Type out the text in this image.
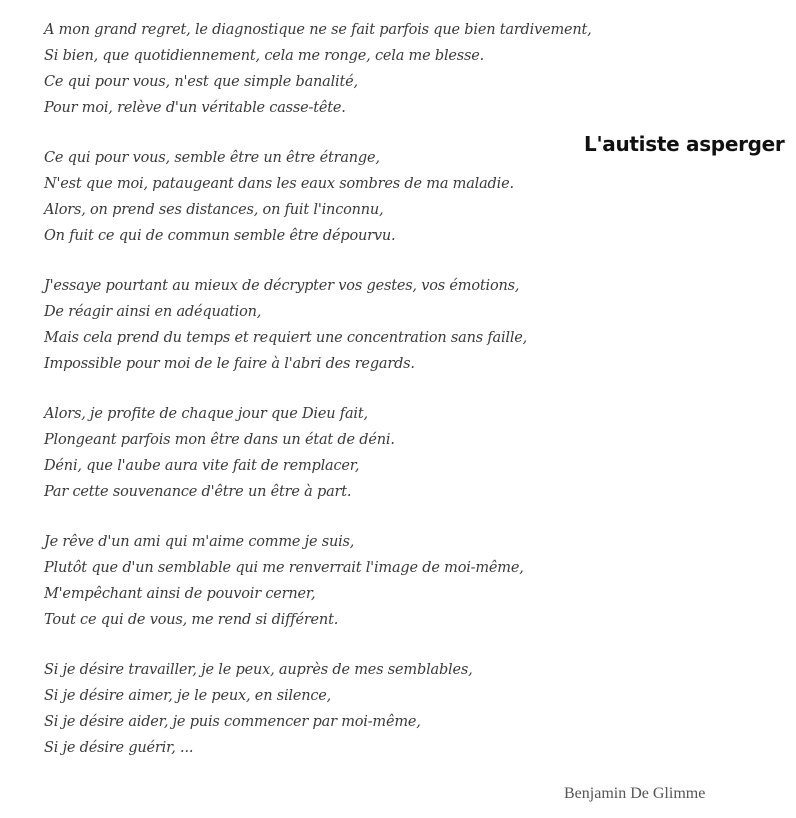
A mon grand regret, le diagnostique ne se fait parfois que bien tardivement,
Si bien, que quotidiennement, cela me ronge, cela me blesse.
Ce qui pour vous, n'est que simple banalité,
Pour moi, relève d'un véritable casse-tête.
Ce qui pour vous, semble être un être étrange,
N'est que moi, pataugeant dans les eaux sombres de ma maladie.
Alors, on prend ses distances, on fuit l'inconnu,
On fuit ce qui de commun semble être dépourvu.
J'essaye pourtant au mieux de décrypter vos gestes, vos émotions,
De réagir ainsi en adéquation,
Mais cela prend du temps et requiert une concentration sans faille,
Impossible pour moi de le faire à l'abri des regards.
Alors, je profite de chaque jour que Dieu fait,
Plongeant parfois mon être dans un état de déni.
Déni, que l'aube aura vite fait de remplacer,
Par cette souvenance d'être un être à part.
Je rêve d'un ami qui m'aime comme je suis,
Plutôt que d'un semblable qui me renverrait l'image de moi-même,
M'empêchant ainsi de pouvoir cerner,
Tout ce qui de vous, me rend si différent.
Si je désire travailler, je le peux, auprès de mes semblables,
Si je désire aimer, je le peux, en silence,
Si je désire aider, je puis commencer par moi-même,
Si je désire guérir, ...
L'autiste asperger
Benjamin De Glimme
